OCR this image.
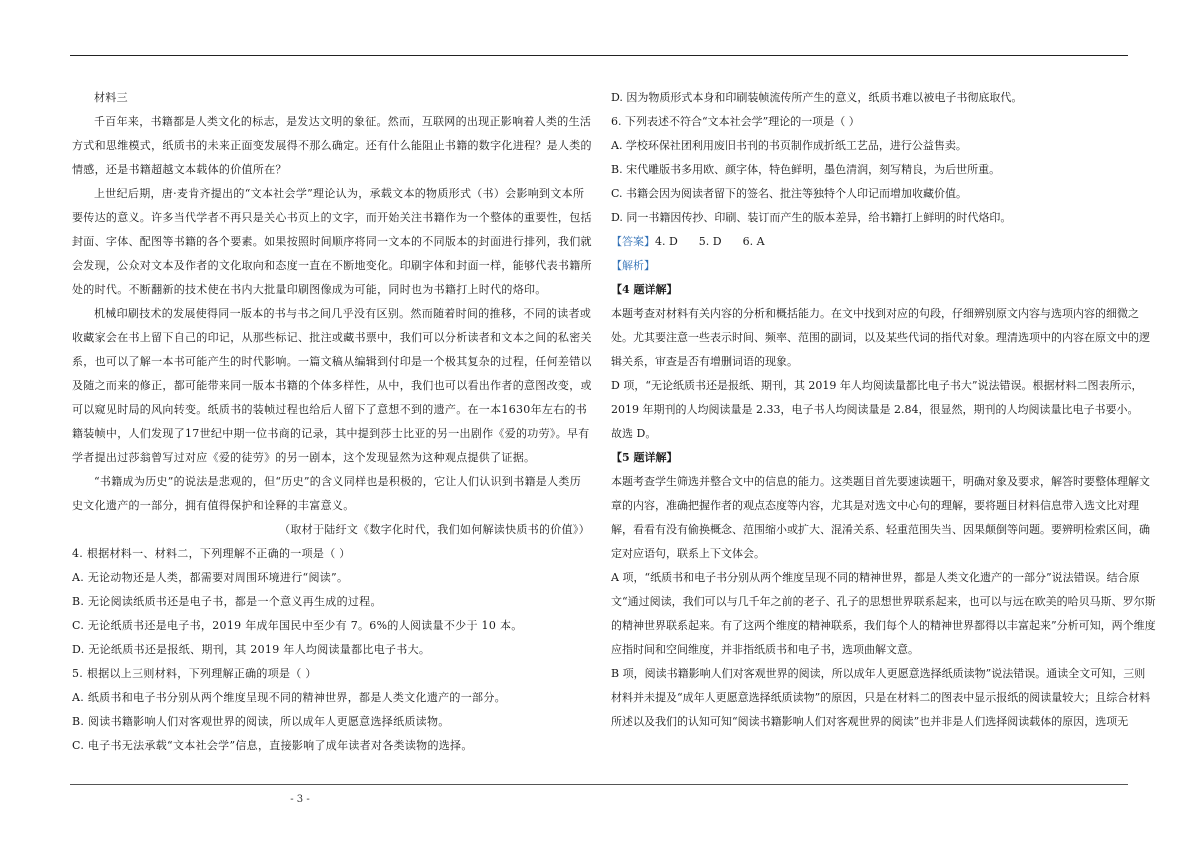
材料三

千百年来，书籍都是人类文化的标志，是发达文明的象征。然而，互联网的出现正影响着人类的生活方式和思维模式，纸质书的未来正面变发展得不那么确定。还有什么能阻止书籍的数字化进程？是人类的情感，还是书籍超越文本载体的价值所在？

上世纪后期，唐·麦肯齐提出的“文本社会学”理论认为，承载文本的物质形式（书）会影响到文本所要传达的意义。许多当代学者不再只是关心书页上的文字，而开始关注书籍作为一个整体的重要性，包括封面、字体、配图等书籍的各个要素。如果按照时间顺序将同一文本的不同版本的封面进行排列，我们就会发现，公众对文本及作者的文化取向和态度一直在不断地变化。印刷字体和封面一样，能够代表书籍所处的时代。不断翻新的技术使在书内大批量印刷图像成为可能，同时也为书籍打上时代的烙印。

机械印刷技术的发展使得同一版本的书与书之间几乎没有区别。然而随着时间的推移，不同的读者或收藏家会在书上留下自己的印记，从那些标记、批注或藏书票中，我们可以分析读者和文本之间的私密关系，也可以了解一本书可能产生的时代影响。一篇文稿从编辑到付印是一个极其复杂的过程，任何差错以及随之而来的修正，都可能带来同一版本书籍的个体多样性，从中，我们也可以看出作者的意图改变，或可以窥见时局的风向转变。纸质书的装帧过程也给后人留下了意想不到的遗产。在一本1630年左右的书籍装帧中，人们发现了17世纪中期一位书商的记录，其中提到莎士比亚的另一出剧作《爱的功劳》。早有学者提出过莎翁曾写过对应《爱的徒劳》的另一剧本，这个发现显然为这种观点提供了证据。

“书籍成为历史”的说法是悲观的，但“历史”的含义同样也是积极的，它让人们认识到书籍是人类历史文化遗产的一部分，拥有值得保护和诠释的丰富意义。

（取材于陆纡文《数字化时代，我们如何解读快质书的价值》）

4. 根据材料一、材料二，下列理解不正确的一项是（ ）

A. 无论动物还是人类，都需要对周围环境进行“阅读”。

B. 无论阅读纸质书还是电子书，都是一个意义再生成的过程。

C. 无论纸质书还是电子书，2019 年成年国民中至少有 7。6%的人阅读量不少于 10 本。

D. 无论纸质书还是报纸、期刊，其 2019 年人均阅读量都比电子书大。

5. 根据以上三则材料，下列理解正确的项是（ ）

A. 纸质书和电子书分别从两个维度呈现不同的精神世界，都是人类文化遗产的一部分。

B. 阅读书籍影响人们对客观世界的阅读，所以成年人更愿意选择纸质读物。

C. 电子书无法承载“文本社会学”信息，直接影响了成年读者对各类读物的选择。

D. 因为物质形式本身和印刷装帧流传所产生的意义，纸质书难以被电子书彻底取代。

6. 下列表述不符合“文本社会学”理论的一项是（ ）

A. 学校环保社团利用废旧书刊的书页制作成折纸工艺品，进行公益售卖。

B. 宋代雕版书多用欧、颜字体，特色鲜明，墨色清润，刻写精良，为后世所重。

C. 书籍会因为阅读者留下的签名、批注等独特个人印记而增加收藏价值。

D. 同一书籍因传抄、印刷、装订而产生的版本差异，给书籍打上鲜明的时代烙印。

【答案】4. D 5. D 6. A

【解析】

【4 题详解】

本题考查对材料有关内容的分析和概括能力。在文中找到对应的句段，仔细辨别原文内容与选项内容的细微之处。尤其要注意一些表示时间、频率、范围的副词，以及某些代词的指代对象。理清选项中的内容在原文中的逻辑关系，审查是否有增删词语的现象。

D 项，“无论纸质书还是报纸、期刊，其 2019 年人均阅读量都比电子书大”说法错误。根据材料二图表所示，2019 年期刊的人均阅读量是 2.33，电子书人均阅读量是 2.84，很显然，期刊的人均阅读量比电子书要小。

故选 D。

【5 题详解】

本题考查学生筛选并整合文中的信息的能力。这类题目首先要速读题干，明确对象及要求，解答时要整体理解文章的内容，准确把握作者的观点态度等内容，尤其是对选文中心句的理解，要将题目材料信息带入选文比对理解，看看有没有偷换概念、范围缩小或扩大、混淆关系、轻重范围失当、因果颠倒等问题。要辨明检索区间，确定对应语句，联系上下文体会。

A 项，“纸质书和电子书分别从两个维度呈现不同的精神世界，都是人类文化遗产的一部分”说法错误。结合原文“通过阅读，我们可以与几千年之前的老子、孔子的思想世界联系起来，也可以与远在欧美的哈贝马斯、罗尔斯的精神世界联系起来。有了这两个维度的精神联系，我们每个人的精神世界都得以丰富起来”分析可知，两个维度应指时间和空间维度，并非指纸质书和电子书，选项曲解文意。

B 项，阅读书籍影响人们对客观世界的阅读，所以成年人更愿意选择纸质读物”说法错误。通读全文可知，三则材料并未提及“成年人更愿意选择纸质读物”的原因，只是在材料二的图表中显示报纸的阅读量较大；且综合材料所述以及我们的认知可知“阅读书籍影响人们对客观世界的阅读”也并非是人们选择阅读载体的原因，选项无

- 3 -
